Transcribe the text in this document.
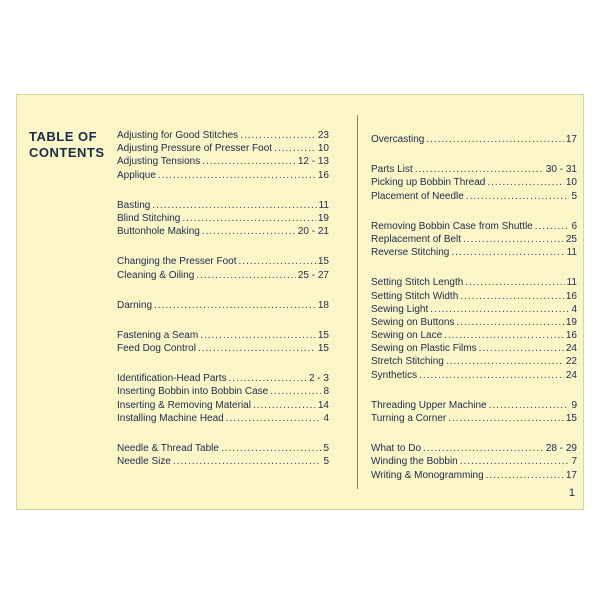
TABLE OF
CONTENTS
Adjusting for Good Stitches .....	23
Adjusting Pressure of Presser Foot .....	10
Adjusting Tensions .....	12 - 13
Applique .....	16
Basting .....	11
Blind Stitching .....	19
Buttonhole Making .....	20 - 21
Changing the Presser Foot .....	15
Cleaning & Oiling .....	25 - 27
Darning .....	18
Fastening a Seam .....	15
Feed Dog Control .....	15
Identification-Head Parts .....	2 - 3
Inserting Bobbin into Bobbin Case .....	8
Inserting & Removing Material .....	14
Installing Machine Head .....	4
Needle & Thread Table .....	5
Needle Size .....	5
Overcasting .....	17
Parts List .....	30 - 31
Picking up Bobbin Thread .....	10
Placement of Needle .....	5
Removing Bobbin Case from Shuttle .....	6
Replacement of Belt .....	25
Reverse Stitching .....	11
Setting Stitch Length .....	11
Setting Stitch Width .....	16
Sewing Light .....	4
Sewing on Buttons .....	19
Sewing on Lace .....	16
Sewing on Plastic Films .....	24
Stretch Stitching .....	22
Synthetics .....	24
Threading Upper Machine .....	9
Turning a Corner .....	15
What to Do .....	28 - 29
Winding the Bobbin .....	7
Writing & Monogramming .....	17
1
